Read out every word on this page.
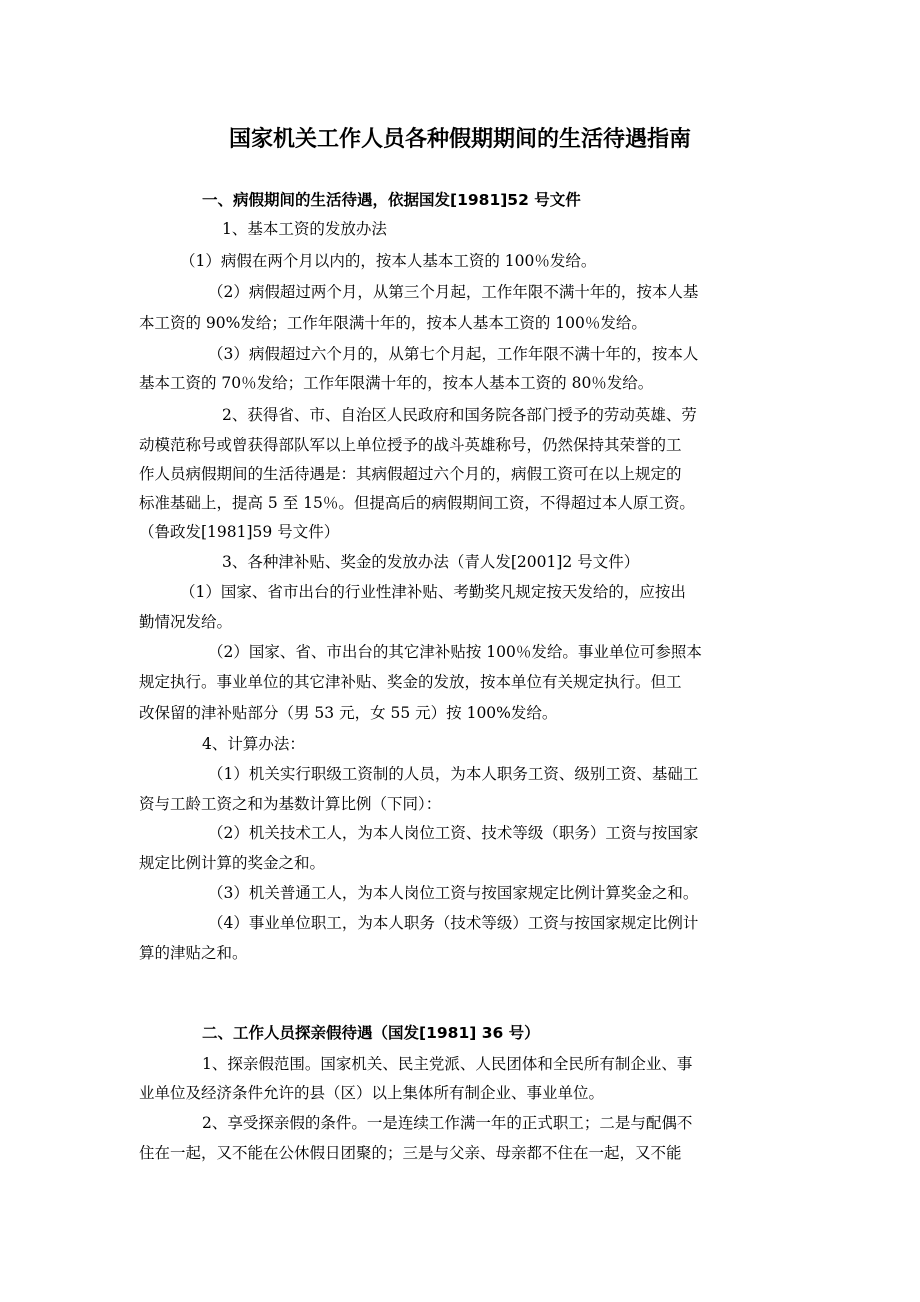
国家机关工作人员各种假期期间的生活待遇指南
一、病假期间的生活待遇，依据国发[1981]52 号文件
1、基本工资的发放办法
（1）病假在两个月以内的，按本人基本工资的 100％发给。
（2）病假超过两个月，从第三个月起，工作年限不满十年的，按本人基
本工资的 90%发给；工作年限满十年的，按本人基本工资的 100％发给。
（3）病假超过六个月的，从第七个月起，工作年限不满十年的，按本人
基本工资的 70％发给；工作年限满十年的，按本人基本工资的 80％发给。
2、获得省、市、自治区人民政府和国务院各部门授予的劳动英雄、劳
动模范称号或曾获得部队军以上单位授予的战斗英雄称号，仍然保持其荣誉的工
作人员病假期间的生活待遇是：其病假超过六个月的，病假工资可在以上规定的
标准基础上，提高 5 至 15％。但提高后的病假期间工资，不得超过本人原工资。
（鲁政发[1981]59 号文件）
3、各种津补贴、奖金的发放办法（青人发[2001]2 号文件）
（1）国家、省市出台的行业性津补贴、考勤奖凡规定按天发给的，应按出
勤情况发给。
（2）国家、省、市出台的其它津补贴按 100％发给。事业单位可参照本
规定执行。事业单位的其它津补贴、奖金的发放，按本单位有关规定执行。但工
改保留的津补贴部分（男 53 元，女 55 元）按 100%发给。
4、计算办法：
（1）机关实行职级工资制的人员，为本人职务工资、级别工资、基础工
资与工龄工资之和为基数计算比例（下同）：
（2）机关技术工人，为本人岗位工资、技术等级（职务）工资与按国家
规定比例计算的奖金之和。
（3）机关普通工人，为本人岗位工资与按国家规定比例计算奖金之和。
（4）事业单位职工，为本人职务（技术等级）工资与按国家规定比例计
算的津贴之和。
二、工作人员探亲假待遇（国发[1981] 36 号）
1、探亲假范围。国家机关、民主党派、人民团体和全民所有制企业、事
业单位及经济条件允许的县（区）以上集体所有制企业、事业单位。
2、享受探亲假的条件。一是连续工作满一年的正式职工；二是与配偶不
住在一起，又不能在公休假日团聚的；三是与父亲、母亲都不住在一起，又不能
